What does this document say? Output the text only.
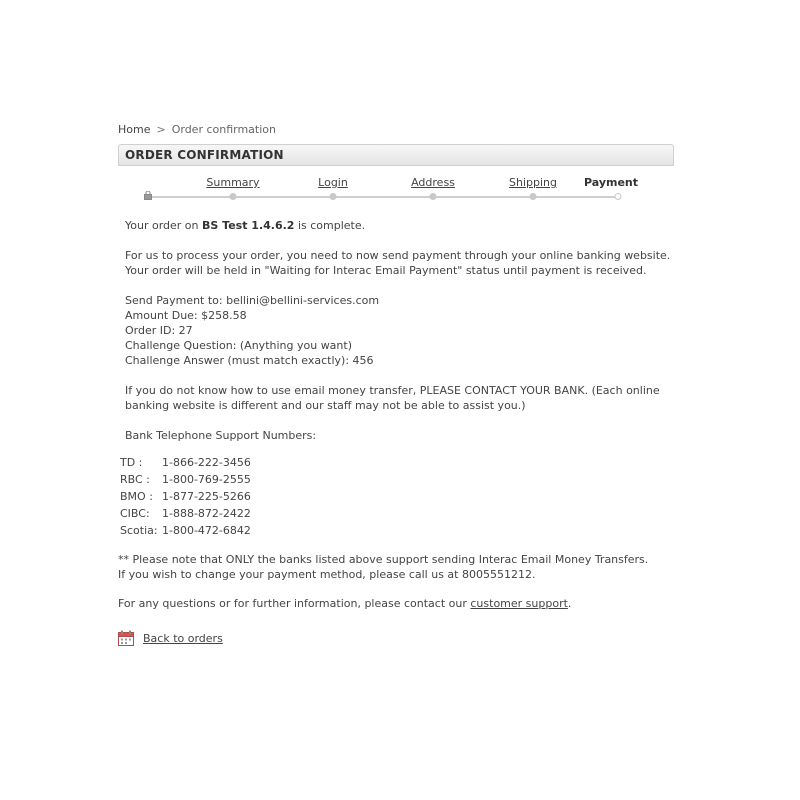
Home > Order confirmation
ORDER CONFIRMATION
Summary	Login	Address	Shipping Payment

Your order on BS Test 1.4.6.2 is complete.

For us to process your order, you need to now send payment through your online banking website.
Your order will be held in "Waiting for Interac Email Payment" status until payment is received.

Send Payment to: bellini@bellini-services.com
Amount Due: $258.58
Order ID: 27
Challenge Question: (Anything you want)
Challenge Answer (must match exactly): 456

If you do not know how to use email money transfer, PLEASE CONTACT YOUR BANK. (Each online banking website is different and our staff may not be able to assist you.)

Bank Telephone Support Numbers:

TD :	1-866-222-3456
RBC :	1-800-769-2555
BMO :	1-877-225-5266
CIBC:	1-888-872-2422
Scotia:	1-800-472-6842
** Please note that ONLY the banks listed above support sending Interac Email Money Transfers.
If you wish to change your payment method, please call us at 8005551212.
For any questions or for further information, please contact our customer support.
Back to orders
